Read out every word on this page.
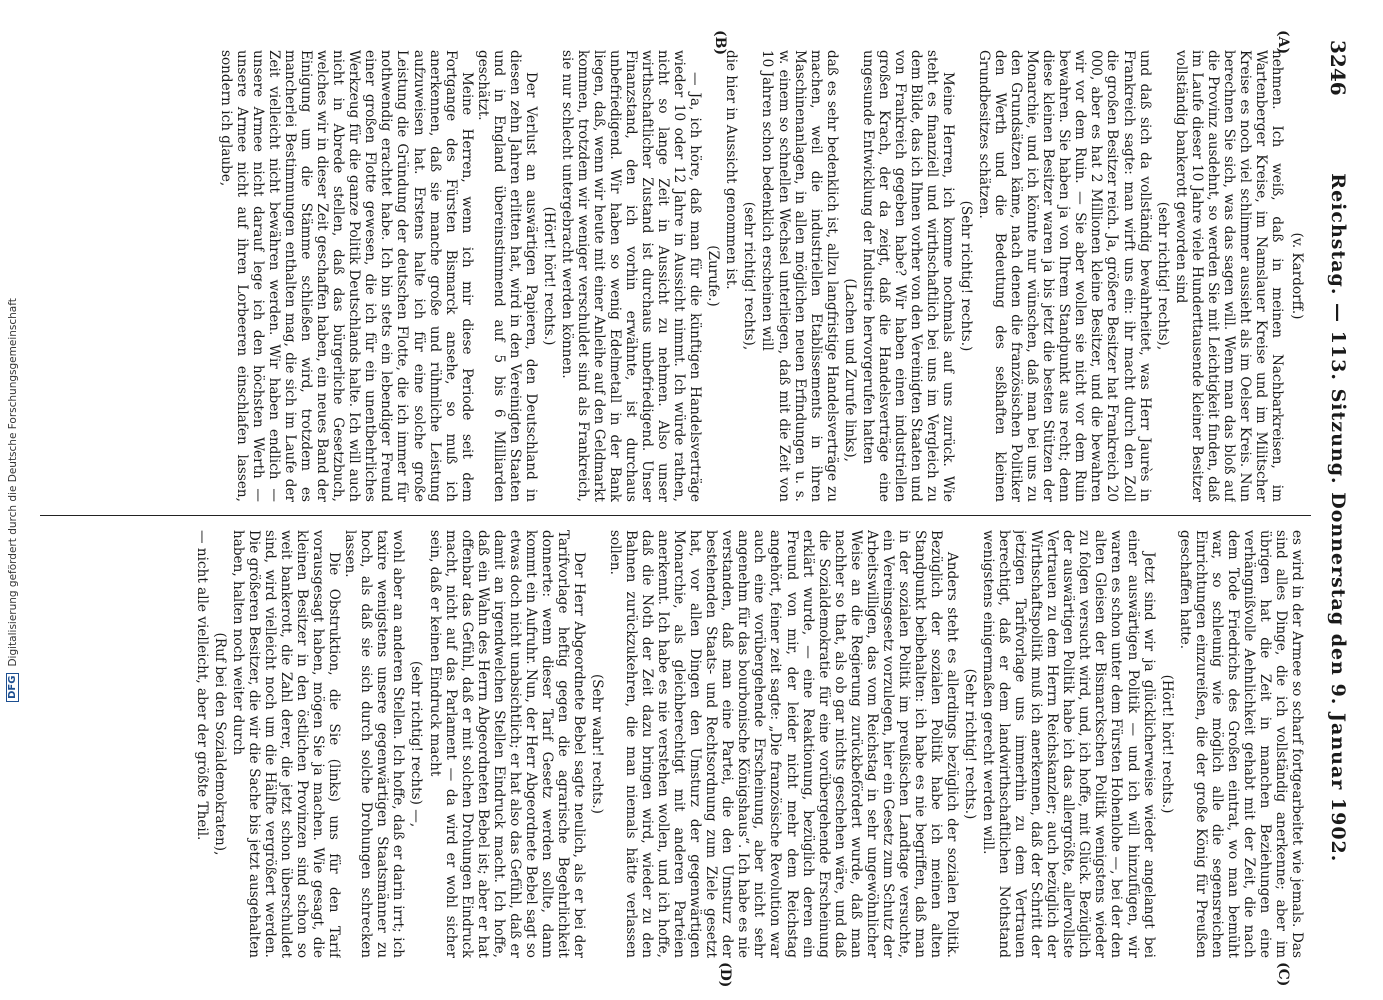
3246
Reichstag. — 113. Sitzung. Donnerstag den 9. Januar 1902.
(A)
(B)
(C)
(D)
(v. Kardorff.)

nehmen. Ich weiß, daß in meinen Nachbarkreisen, im Wartenberger Kreise, im Namslauer Kreise und im Militscher Kreise es noch viel schlimmer aussieht als im Oelser Kreis. Nun berechnen Sie sich, was das sagen will. Wenn man das bloß auf die Provinz ausdehnt, so werden Sie mit Leichtigkeit finden, daß im Laufe dieser 10 Jahre viele Hunderttausende kleiner Besitzer vollständig bankerott geworden sind

(sehr richtig! rechts),

und daß sich da vollständig bewahrheitet, was Herr Jaurès in Frankreich sagte: man wirft uns ein: ihr macht durch den Zoll die großen Besitzer reich. Ja, größere Besitzer hat Frankreich 20 000, aber es hat 2 Millionen kleine Besitzer, und die bewahren wir vor dem Ruin. — Sie aber wollen sie nicht vor dem Ruin bewahren. Sie haben ja von Ihrem Standpunkt aus recht; denn diese kleinen Besitzer waren ja bis jetzt die besten Stützen der Monarchie, und ich könnte nur wünschen, daß man bei uns zu den Grundsätzen käme, nach denen die französischen Politiker den Werth und die Bedeutung des seßhaften kleinen Grundbesitzes schätzen.

(Sehr richtig! rechts.)

Meine Herren, ich komme nochmals auf uns zurück. Wie steht es finanziell und wirthschaftlich bei uns im Vergleich zu dem Bilde, das ich Ihnen vorher von den Vereinigten Staaten und von Frankreich gegeben habe? Wir haben einen industriellen großen Krach, der da zeigt, daß die Handelsverträge eine ungesunde Entwicklung der Industrie hervorgerufen hatten

(Lachen und Zurufe links),

daß es sehr bedenklich ist, allzu langfristige Handelsverträge zu machen, weil die industriellen Etablissements in ihren Maschinenanlagen, in allen möglichen neuen Erfindungen u. s. w. einem so schnellen Wechsel unterliegen, daß mit die Zeit von 10 Jahren schon bedenklich erscheinen will

(sehr richtig! rechts),

die hier in Aussicht genommen ist.

(Zurufe.)

— Ja, ich höre, daß man für die künftigen Handelsverträge wieder 10 oder 12 Jahre in Aussicht nimmt. Ich würde rathen, nicht so lange Zeit in Aussicht zu nehmen. Also unser wirthschaftlicher Zustand ist durchaus unbefriedigend. Unser Finanzstand, den ich vorhin erwähnte, ist durchaus unbefriedigend. Wir haben so wenig Edelmetall in der Bank liegen, daß, wenn wir heute mit einer Anleihe auf den Geldmarkt kommen, trotzdem wir weniger verschuldet sind als Frankreich, sie nur schlecht untergebracht werden können.

(Hört! hört! rechts.)

Der Verlust an auswärtigen Papieren, den Deutschland in diesen zehn Jahren erlitten hat, wird in den Vereinigten Staaten und in England übereinstimmend auf 5 bis 6 Milliarden geschätzt.

Meine Herren, wenn ich mir diese Periode seit dem Fortgange des Fürsten Bismarck ansehe, so muß ich anerkennen, daß sie manche große und rühmliche Leistung aufzuweisen hat. Erstens halte ich für eine solche große Leistung die Gründung der deutschen Flotte, die ich immer für nothwendig erachtet habe. Ich bin stets ein lebendiger Freund einer großen Flotte gewesen, die ich für ein unentbehrliches Werkzeug für die ganze Politik Deutschlands halte. Ich will auch nicht in Abrede stellen, daß das bürgerliche Gesetzbuch, welches wir in dieser Zeit geschaffen haben, ein neues Band der Einigung um die Stämme schließen wird, trotzdem es mancherlei Bestimmungen enthalten mag, die sich im Laufe der Zeit vielleicht nicht bewähren werden. Wir haben endlich — unsere Armee nicht darauf lege ich den höchsten Werth — unsere Armee nicht auf ihren Lorbeeren einschlafen lassen, sondern ich glaube,

es wird in der Armee so scharf fortgearbeitet wie jemals. Das sind alles Dinge, die ich vollständig anerkenne; aber im übrigen hat die Zeit in manchen Beziehungen eine verhängnißvolle Aehnlichkeit gehabt mit der Zeit, die nach dem Tode Friedrichs des Großen eintrat, wo man bemüht war, so schleunig wie möglich alle die segensreichen Einrichtungen einzureißen, die der große König für Preußen geschaffen hatte.

(Hört! hört! rechts.)

Jetzt sind wir ja glücklicherweise wieder angelangt bei einer auswärtigen Politik — und ich will hinzufügen, wir waren es schon unter dem Fürsten Hohenlohe —, bei der den alten Gleisen der Bismarckschen Politik wenigstens wieder zu folgen versucht wird, und, ich hoffe, mit Glück. Bezüglich der auswärtigen Politik habe ich das allergrößte, allervollste Vertrauen zu dem Herrn Reichskanzler; auch bezüglich der Wirthschaftspolitik muß ich anerkennen, daß der Schritt der jetzigen Tarifvorlage uns immerhin zu dem Vertrauen berechtigt, daß er dem landwirthschaftlichen Nothstand wenigstens einigermaßen gerecht werden will.

(Sehr richtig! rechts.)

Anders steht es allerdings bezüglich der sozialen Politik. Bezüglich der sozialen Politik habe ich meinen alten Standpunkt beibehalten: ich habe es nie begriffen, daß man in der sozialen Politik im preußischen Landtage versuchte, ein Vereinsgesetz vorzulegen, hier ein Gesetz zum Schutz der Arbeitswilligen, das vom Reichstag in sehr ungewöhnlicher Weise an die Regierung zurückbefördert wurde, daß man nachher so that, als ob gar nichts geschehen wäre, und daß die Sozialdemokratie für eine vorübergehende Erscheinung erklärt wurde, — eine Reaktionung, bezüglich deren ein Freund von mir, der leider nicht mehr dem Reichstag angehört, feiner zeit sagte: „Die französische Revolution war auch eine vorübergehende Erscheinung, aber nicht sehr angenehm für das bourbonische Königshaus“. Ich habe es nie verstanden, daß man eine Partei, die den Umsturz der bestehenden Staats- und Rechtsordnung zum Ziele gesetzt hat, vor allen Dingen den Umsturz der gegenwärtigen Monarchie, als gleichberechtigt mit anderen Parteien anerkennt. Ich habe es nie verstehen wollen, und ich hoffe, daß die Noth der Zeit dazu bringen wird, wieder zu den Bahnen zurückzukehren, die man niemals hätte verlassen sollen.

(Sehr wahr! rechts.)

Der Herr Abgeordnete Bebel sagte neulich, als er bei der Tarifvorlage heftig gegen die agrarische Begehrlichkeit donnerte: wenn dieser Tarif Gesetz werden sollte, dann kommt ein Aufruhr. Nun, der Herr Abgeordnete Bebel sagt so etwas doch nicht unabsichtlich; er hat also das Gefühl, daß er damit an irgendwelchen Stellen Eindruck macht. Ich hoffe, daß ein Wahn des Herrn Abgeordneten Bebel ist; aber er hat offenbar das Gefühl, daß er mit solchen Drohungen Eindruck macht, nicht auf das Parlament — da wird er wohl sicher sein, daß er keinen Eindruck macht

(sehr richtig! rechts) —,

wohl aber an anderen Stellen. Ich hoffe, daß er darin irrt; ich taxire wenigstens unsere gegenwärtigen Staatsmänner zu hoch, als daß sie sich durch solche Drohungen schrecken lassen.

Die Obstruktion, die Sie (links) uns für den Tarif vorausgesagt haben, mögen Sie ja machen. Wie gesagt, die kleinen Besitzer in den östlichen Provinzen sind schon so weit bankerott, die Zahl derer, die jetzt schon überschuldet sind, wird vielleicht noch um die Hälfte vergrößert werden. Die größeren Besitzer, die wir die Sache bis jetzt ausgehalten haben, halten noch weiter durch

(Ruf bei den Sozialdemokraten),

— nicht alle vielleicht, aber der größte Theil.

DFG
Digitalisierung gefördert durch die Deutsche Forschungsgemeinschaft
